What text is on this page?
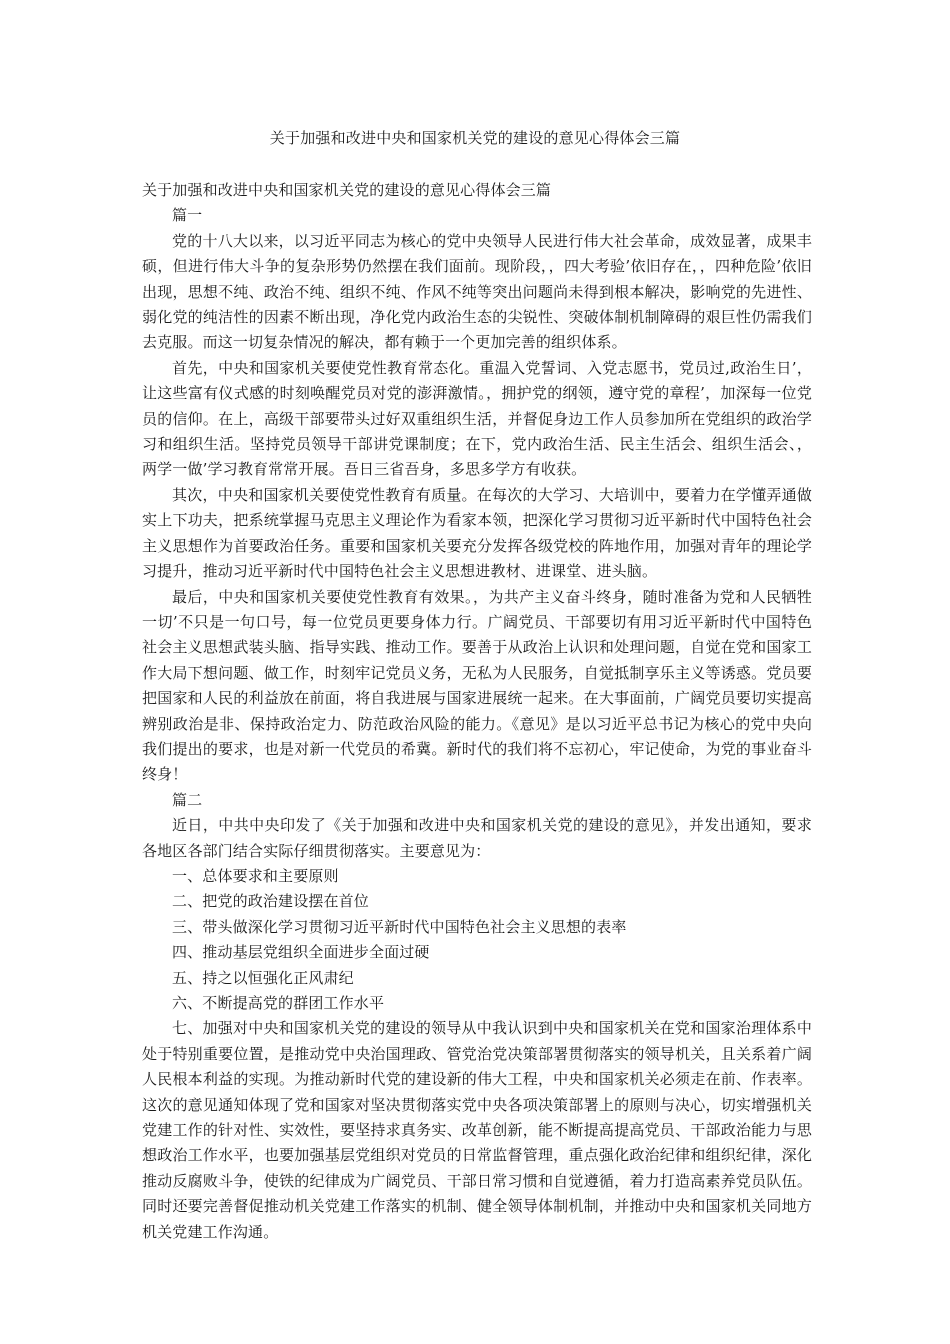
关于加强和改进中央和国家机关党的建设的意见心得体会三篇

关于加强和改进中央和国家机关党的建设的意见心得体会三篇

篇一

党的十八大以来，以习近平同志为核心的党中央领导人民进行伟大社会革命，成效显著，成果丰硕，但进行伟大斗争的复杂形势仍然摆在我们面前。现阶段，，四大考验’依旧存在，，四种危险’依旧出现，思想不纯、政治不纯、组织不纯、作风不纯等突出问题尚未得到根本解决，影响党的先进性、弱化党的纯洁性的因素不断出现，净化党内政治生态的尖锐性、突破体制机制障碍的艰巨性仍需我们去克服。而这一切复杂情况的解决，都有赖于一个更加完善的组织体系。

首先，中央和国家机关要使党性教育常态化。重温入党誓词、入党志愿书，党员过,政治生日’，让这些富有仪式感的时刻唤醒党员对党的澎湃激情。，拥护党的纲领，遵守党的章程’，加深每一位党员的信仰。在上，高级干部要带头过好双重组织生活，并督促身边工作人员参加所在党组织的政治学习和组织生活。坚持党员领导干部讲党课制度；在下，党内政治生活、民主生活会、组织生活会、，两学一做’学习教育常常开展。吾日三省吾身，多思多学方有收获。

其次，中央和国家机关要使党性教育有质量。在每次的大学习、大培训中，要着力在学懂弄通做实上下功夫，把系统掌握马克思主义理论作为看家本领，把深化学习贯彻习近平新时代中国特色社会主义思想作为首要政治任务。重要和国家机关要充分发挥各级党校的阵地作用，加强对青年的理论学习提升，推动习近平新时代中国特色社会主义思想进教材、进课堂、进头脑。

最后，中央和国家机关要使党性教育有效果。，为共产主义奋斗终身，随时准备为党和人民牺牲一切’不只是一句口号，每一位党员更要身体力行。广阔党员、干部要切有用习近平新时代中国特色社会主义思想武装头脑、指导实践、推动工作。要善于从政治上认识和处理问题，自觉在党和国家工作大局下想问题、做工作，时刻牢记党员义务，无私为人民服务，自觉抵制享乐主义等诱惑。党员要把国家和人民的利益放在前面，将自我进展与国家进展统一起来。在大事面前，广阔党员要切实提高辨别政治是非、保持政治定力、防范政治风险的能力。《意见》是以习近平总书记为核心的党中央向我们提出的要求，也是对新一代党员的希冀。新时代的我们将不忘初心，牢记使命，为党的事业奋斗终身！

篇二

近日，中共中央印发了《关于加强和改进中央和国家机关党的建设的意见》，并发出通知，要求各地区各部门结合实际仔细贯彻落实。主要意见为：

一、总体要求和主要原则

二、把党的政治建设摆在首位

三、带头做深化学习贯彻习近平新时代中国特色社会主义思想的表率

四、推动基层党组织全面进步全面过硬

五、持之以恒强化正风肃纪

六、不断提高党的群团工作水平

七、加强对中央和国家机关党的建设的领导从中我认识到中央和国家机关在党和国家治理体系中处于特别重要位置，是推动党中央治国理政、管党治党决策部署贯彻落实的领导机关，且关系着广阔人民根本利益的实现。为推动新时代党的建设新的伟大工程，中央和国家机关必须走在前、作表率。这次的意见通知体现了党和国家对坚决贯彻落实党中央各项决策部署上的原则与决心，切实增强机关党建工作的针对性、实效性，要坚持求真务实、改革创新，能不断提高提高党员、干部政治能力与思想政治工作水平，也要加强基层党组织对党员的日常监督管理，重点强化政治纪律和组织纪律，深化推动反腐败斗争，使铁的纪律成为广阔党员、干部日常习惯和自觉遵循，着力打造高素养党员队伍。同时还要完善督促推动机关党建工作落实的机制、健全领导体制机制，并推动中央和国家机关同地方机关党建工作沟通。
